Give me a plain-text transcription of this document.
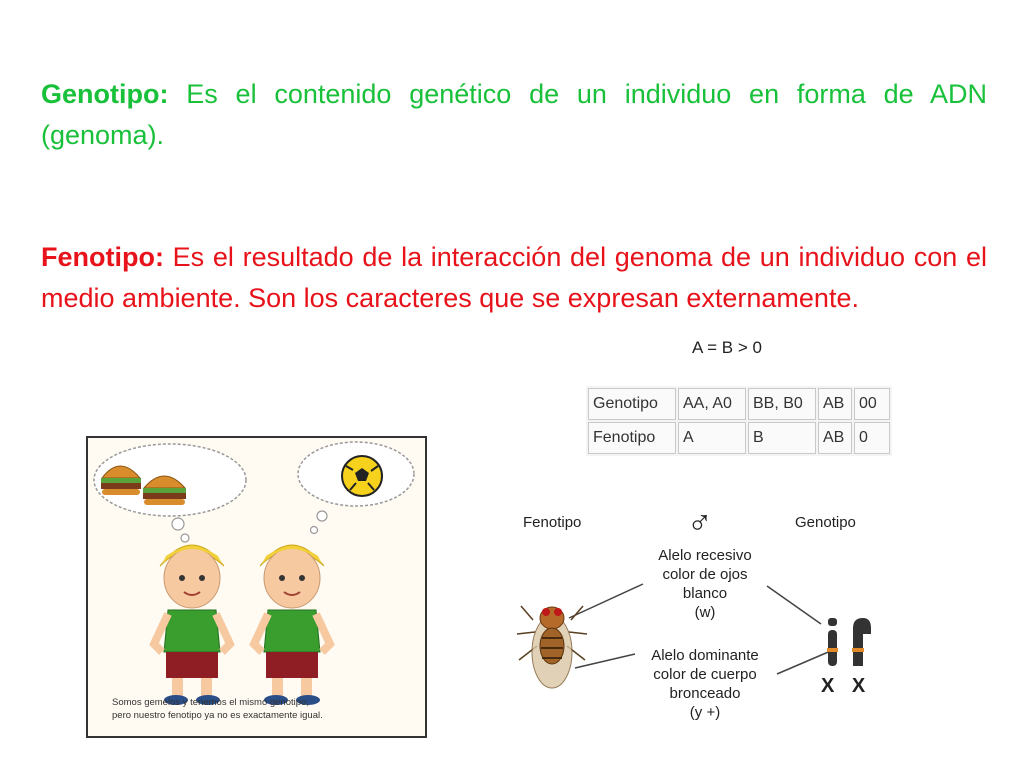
Genotipo: Es el contenido genético de un individuo en forma de ADN (genoma).
Fenotipo: Es el resultado de la interacción del genoma de un individuo con el medio ambiente. Son los caracteres que se expresan externamente.
A = B > 0
Genotipo	AA, A0	BB, B0	AB	00
Fenotipo	A	B	AB	0
Somos gemelos y tenemos el mismo genotipo;
pero nuestro fenotipo ya no es exactamente igual.
Fenotipo	Genotipo
♂
Alelo recesivo
color de ojos
blanco
(w)
Alelo dominante
color de cuerpo
bronceado
(y +)
X X
